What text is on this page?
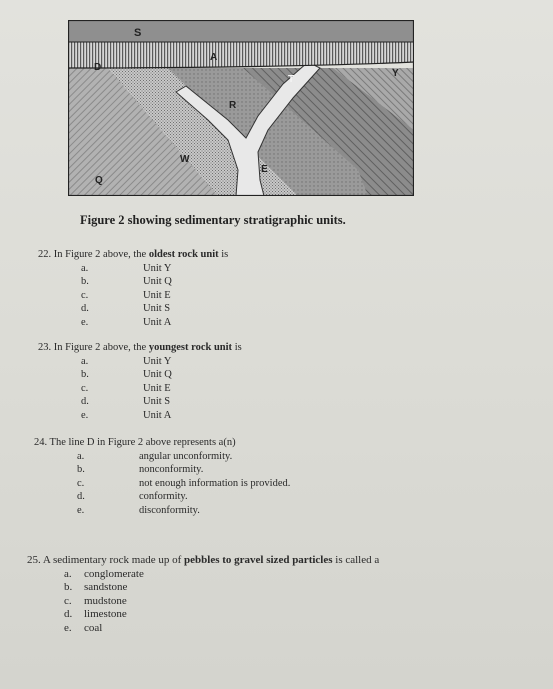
S
A
D
T
Y
R
W
E
Q
Figure 2 showing sedimentary stratigraphic units.
22. In Figure 2 above, the oldest rock unit is
a.	Unit Y
b.	Unit Q
c.	Unit E
d.	Unit S
e.	Unit A
23. In Figure 2 above, the youngest rock unit is
a.	Unit Y
b.	Unit Q
c.	Unit E
d.	Unit S
e.	Unit A
24. The line D in Figure 2 above represents a(n)
a.	angular unconformity.
b.	nonconformity.
c.	not enough information is provided.
d.	conformity.
e.	disconformity.
25. A sedimentary rock made up of pebbles to gravel sized particles is called a
a.	conglomerate
b.	sandstone
c.	mudstone
d.	limestone
e.	coal
